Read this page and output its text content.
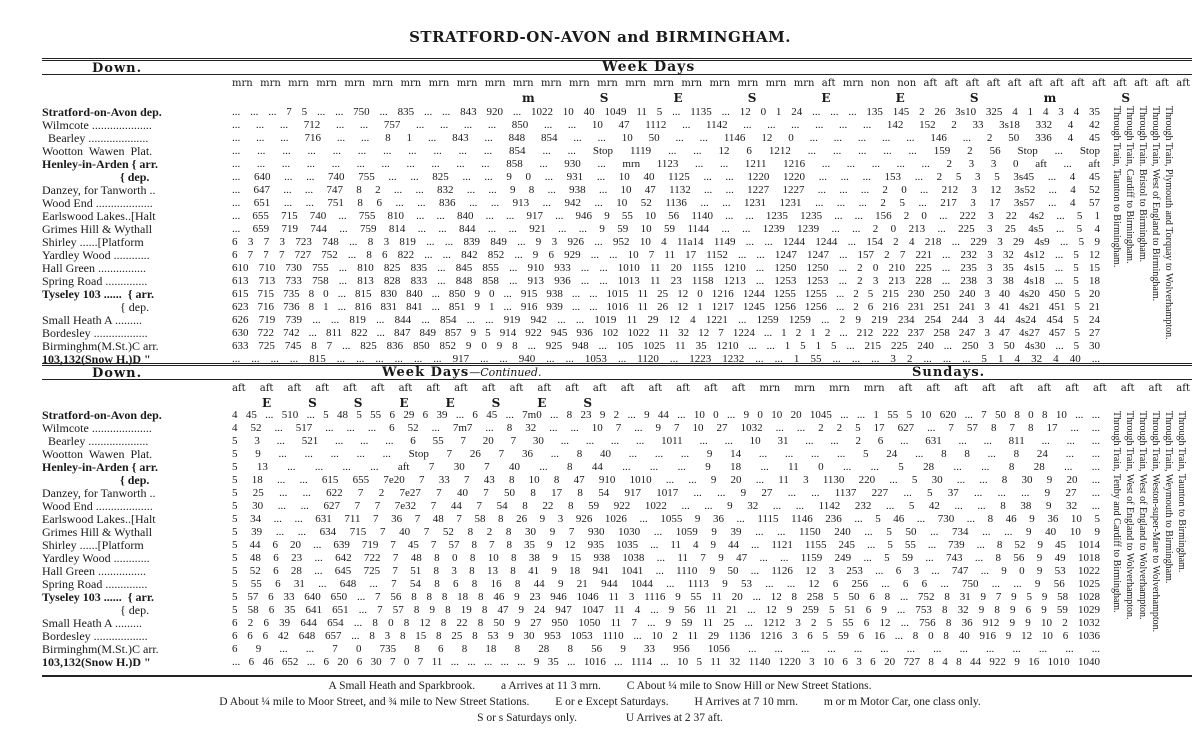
STRATFORD-ON-AVON and BIRMINGHAM.
Down.	Week Days
mrn mrn mrn mrn mrn mrn mrn mrn mrn mrn mrn mrn mrn mrn mrn mrn mrn mrn mrn mrn mrn aft mrn non non aft aft aft aft aft aft aft aft aft aft aft aft aft
m S E S E E S m S
Stratford-on-Avon dep.	... ... ... 7 5 ... ... 750 ... 835 ... ... 843 920 ... 1022 10 40 1049 11 5 ... 1135 ... 12 0 1 24 ... ... ... 135 145 2 26 3s10 325 4 1 4 3 4 35
Wilmcote ....................	... ... ... 712 ... ... 757 ... ... ... ... 850 ... ... 10 47 1112 ... 1142 ... ... ... ... ... ... 142 152 2 33 3s18 332 4 42
Bearley ....................	... ... ... 716 ... ... 8 1 ... 843 ... 848 854 ... ... 10 50 ... ... 1146 12 0 ... ... ... ... ... 146 ... 2 50 336 4 45
Wootton  Wawen  Plat.	... ... ... ... ... ... ... ... ... ... ... 854 ... ... Stop 1119 ... ... 12 6 1212 ... ... ... ... ... 159 2 56 Stop ... Stop
Henley-in-Arden { arr.	... ... ... ... ... ... ... ... ... ... ... 858 ... 930 ... mrn 1123 ... ... 1211 1216 ... ... ... ... ... 2 3 3 0 aft ... aft
{ dep.	... 640 ... ... 740 755 ... ... 825 ... ... 9 0 ... 931 ... 10 40 1125 ... ... 1220 1220 ... ... ... 153 ... 2 5 3 5 3s45 ... 4 45
Danzey, for Tanworth ..	... 647 ... ... 747 8 2 ... ... 832 ... ... 9 8 ... 938 ... 10 47 1132 ... ... 1227 1227 ... ... ... 2 0 ... 212 3 12 3s52 ... 4 52
Wood End ...................	... 651 ... ... 751 8 6 ... ... 836 ... ... 913 ... 942 ... 10 52 1136 ... ... 1231 1231 ... ... ... 2 5 ... 217 3 17 3s57 ... 4 57
Earlswood Lakes..[Halt	... 655 715 740 ... 755 810 ... ... 840 ... ... 917 ... 946 9 55 10 56 1140 ... ... 1235 1235 ... ... 156 2 0 ... 222 3 22 4s2 ... 5 1
Grimes Hill & Wythall	... 659 719 744 ... 759 814 ... ... 844 ... ... 921 ... ... 9 59 10 59 1144 ... ... 1239 1239 ... ... 2 0 213 ... 225 3 25 4s5 ... 5 4
Shirley ......[Platform	6 3 7 3 723 748 ... 8 3 819 ... ... 839 849 ... 9 3 926 ... 952 10 4 11a14 1149 ... ... 1244 1244 ... 154 2 4 218 ... 229 3 29 4s9 ... 5 9
Yardley Wood ............	6 7 7 7 727 752 ... 8 6 822 ... ... 842 852 ... 9 6 929 ... ... 10 7 11 17 1152 ... ... 1247 1247 ... 157 2 7 221 ... 232 3 32 4s12 ... 5 12
Hall Green ................	610 710 730 755 ... 810 825 835 ... 845 855 ... 910 933 ... ... 1010 11 20 1155 1210 ... 1250 1250 ... 2 0 210 225 ... 235 3 35 4s15 ... 5 15
Spring Road ..............	613 713 733 758 ... 813 828 833 ... 848 858 ... 913 936 ... ... 1013 11 23 1158 1213 ... 1253 1253 ... 2 3 213 228 ... 238 3 38 4s18 ... 5 18
Tyseley 103 ......  { arr.	615 715 735 8 0 ... 815 830 840 ... 850 9 0 ... 915 938 ... ... 1015 11 25 12 0 1216 1244 1255 1255 ... 2 5 215 230 250 240 3 40 4s20 450 5 20
{ dep.	623 716 736 8 1 ... 816 831 841 ... 851 9 1 ... 916 939 ... ... 1016 11 26 12 1 1217 1245 1256 1256 ... 2 6 216 231 251 241 3 41 4s21 451 5 21
Small Heath A .........	626 719 739 ... ... 819 ... 844 ... 854 ... ... 919 942 ... ... 1019 11 29 12 4 1221 ... 1259 1259 ... 2 9 219 234 254 244 3 44 4s24 454 5 24
Bordesley ..................	630 722 742 ... 811 822 ... 847 849 857 9 5 914 922 945 936 102 1022 11 32 12 7 1224 ... 1 2 1 2 ... 212 222 237 258 247 3 47 4s27 457 5 27
Birminghm(M.St.)C arr.	633 725 745 8 7 ... 825 836 850 852 9 0 9 8 ... 925 948 ... 105 1025 11 35 1210 ... ... 1 5 1 5 ... 215 225 240 ... 250 3 50 4s30 ... 5 30
103,132(Snow H.)D "	... ... ... ... 815 ... ... ... ... ... ... 917 ... ... 940 ... ... 1053 ... 1120 ... 1223 1232 ... ... 1 55 ... ... ... 3 2 ... ... ... 5 1 4 32 4 40 ...
Through Train, Taunton to Birmingham. Through Train, Cardiff to Birmingham. Through Train. Bristol to Birmingham. Through Train, West of England to Birmingham. Through Train, Plymouth and Torquay to Wolverhampton.
Down.	Week Days—Continued.	Sundays.
aft aft aft aft aft aft aft aft aft aft aft aft aft aft aft aft aft aft aft mrn mrn mrn mrn aft aft aft aft aft aft aft aft aft aft aft
E S S E E S E S
Stratford-on-Avon dep.	4 45 ... 510 ... 5 48 5 55 6 29 6 39 ... 6 45 ... 7m0 ... 8 23 9 2 ... 9 44 ... 10 0 ... 9 0 10 20 1045 ... ... 1 55 5 10 620 ... 7 50 8 0 8 10 ... ...
Wilmcote ....................	4 52 ... 517 ... ... ... 6 52 ... 7m7 ... 8 32 ... ... 10 7 ... 9 7 10 27 1032 ... ... 2 2 5 17 627 ... 7 57 8 7 8 17 ... ...
Bearley ....................	5 3 ... 521 ... ... ... 6 55 7 20 7 30 ... ... ... ... 1011 ... ... 10 31 ... ... 2 6 ... 631 ... ... 811 ... ... ...
Wootton  Wawen  Plat.	5 9 ... ... ... ... ... Stop 7 26 7 36 ... 8 40 ... ... ... 9 14 ... ... ... ... 5 24 ... 8 8 ... 8 24 ... ...
Henley-in-Arden { arr.	5 13 ... ... ... ... aft 7 30 7 40 ... 8 44 ... ... ... 9 18 ... 11 0 ... ... 5 28 ... ... 8 28 ... ...
{ dep.	5 18 ... ... 615 655 7e20 7 33 7 43 8 10 8 47 910 1010 ... ... 9 20 ... 11 3 1130 220 ... 5 30 ... ... 8 30 9 20 ...
Danzey, for Tanworth ..	5 25 ... ... 622 7 2 7e27 7 40 7 50 8 17 8 54 917 1017 ... ... 9 27 ... ... 1137 227 ... 5 37 ... ... ... 9 27 ...
Wood End ...................	5 30 ... ... 627 7 7 7e32 7 44 7 54 8 22 8 59 922 1022 ... ... 9 32 ... ... 1142 232 ... 5 42 ... ... 8 38 9 32 ...
Earlswood Lakes..[Halt	5 34 ... ... 631 711 7 36 7 48 7 58 8 26 9 3 926 1026 ... 1055 9 36 ... 1115 1146 236 ... 5 46 ... 730 ... 8 46 9 36 10 5
Grimes Hill & Wythall	5 39 ... ... 634 715 7 40 7 52 8 2 8 30 9 7 930 1030 ... 1059 9 39 ... ... 1150 240 ... 5 50 ... 734 ... ... 9 40 10 9
Shirley ......[Platform	5 44 6 20 ... 639 719 7 45 7 57 8 7 8 35 9 12 935 1035 ... 11 4 9 44 ... 1121 1155 245 ... 5 55 ... 739 ... 8 52 9 45 1014
Yardley Wood ............	5 48 6 23 ... 642 722 7 48 8 0 8 10 8 38 9 15 938 1038 ... 11 7 9 47 ... ... 1159 249 ... 5 59 ... 743 ... 8 56 9 49 1018
Hall Green ................	5 52 6 28 ... 645 725 7 51 8 3 8 13 8 41 9 18 941 1041 ... 1110 9 50 ... 1126 12 3 253 ... 6 3 ... 747 ... 9 0 9 53 1022
Spring Road ..............	5 55 6 31 ... 648 ... 7 54 8 6 8 16 8 44 9 21 944 1044 ... 1113 9 53 ... ... 12 6 256 ... 6 6 ... 750 ... ... 9 56 1025
Tyseley 103 ......  { arr.	5 57 6 33 640 650 ... 7 56 8 8 8 18 8 46 9 23 946 1046 11 3 1116 9 55 11 20 ... 12 8 258 5 50 6 8 ... 752 8 31 9 7 9 5 9 58 1028
{ dep.	5 58 6 35 641 651 ... 7 57 8 9 8 19 8 47 9 24 947 1047 11 4 ... 9 56 11 21 ... 12 9 259 5 51 6 9 ... 753 8 32 9 8 9 6 9 59 1029
Small Heath A .........	6 2 6 39 644 654 ... 8 0 8 12 8 22 8 50 9 27 950 1050 11 7 ... 9 59 11 25 ... 1212 3 2 5 55 6 12 ... 756 8 36 912 9 9 10 2 1032
Bordesley ..................	6 6 6 42 648 657 ... 8 3 8 15 8 25 8 53 9 30 953 1053 1110 ... 10 2 11 29 1136 1216 3 6 5 59 6 16 ... 8 0 8 40 916 9 12 10 6 1036
Birminghm(M.St.)C arr.	6 9 ... ... 7 0 735 8 6 8 18 8 28 8 56 9 33 956 1056 ... ... ... ... ... ... ... ... ... ... ... ... ... ...
103,132(Snow H.)D "	... 6 46 652 ... 6 20 6 30 7 0 7 11 ... ... ... ... ... 9 35 ... 1016 ... 1114 ... 10 5 11 32 1140 1220 3 10 6 3 6 20 727 8 4 8 44 922 9 16 1010 1040
Through Train, Tenby and Cardiff to Birmingham. Through Train, West of England to Wolverhampton. Through Train, West of England to Wolverhampton. Through Train, Weston-super-Mare to Wolverhampton. Through Train, Weymouth to Birmingham. Through Train, Taunton to Birmingham.
A Small Heath and Sparkbrook.   a Arrives at 11 3 mrn.   C About ¼ mile to Snow Hill or New Street Stations.
D About ¼ mile to Moor Street, and ¾ mile to New Street Stations.   E or e Except Saturdays.   H Arrives at 7 10 mrn.   m or m Motor Car, one class only.
S or s Saturdays only.    	U Arrives at 2 37 aft.
